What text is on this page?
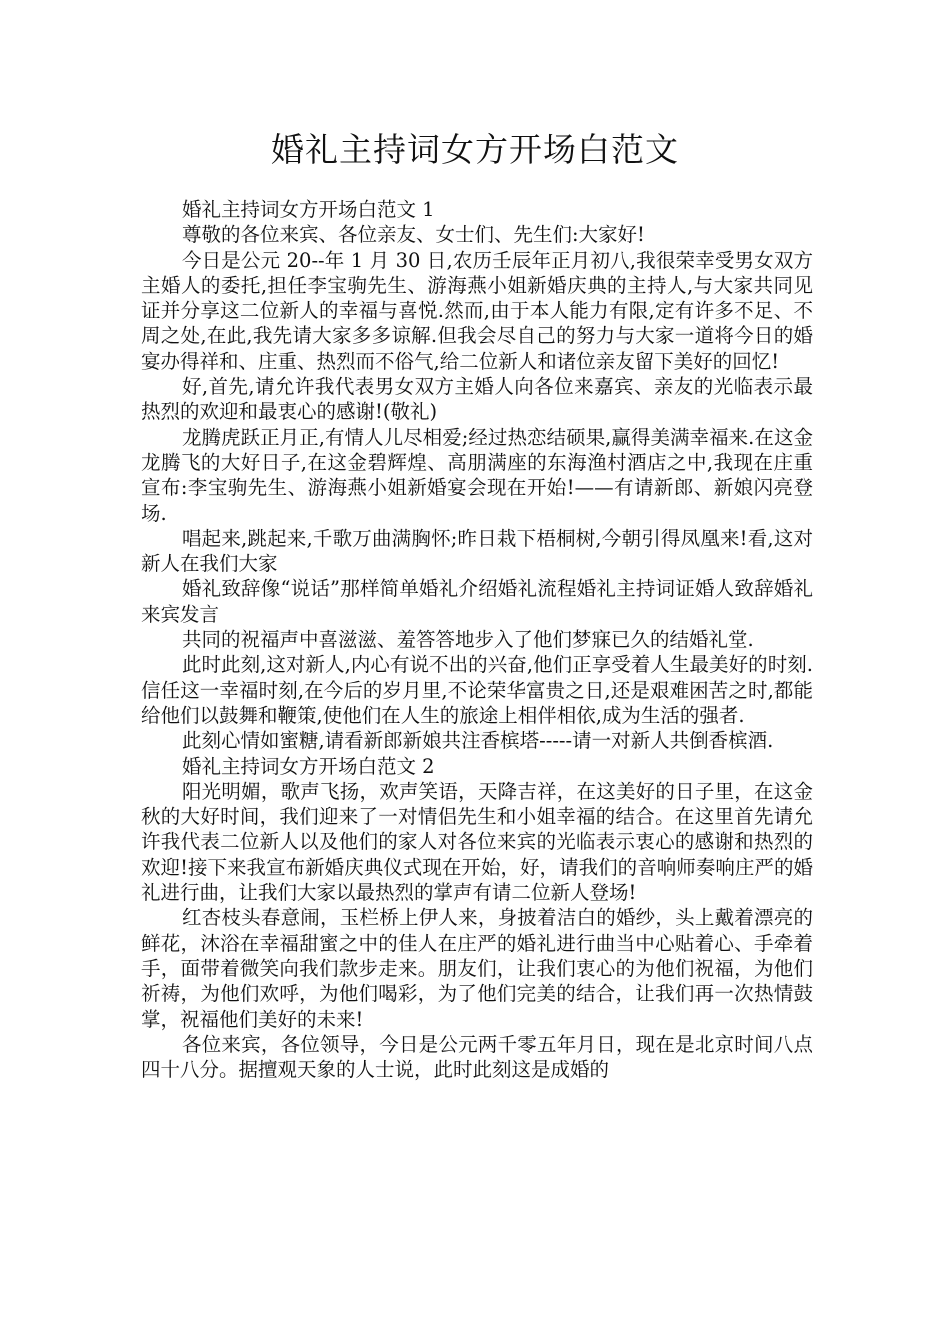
婚礼主持词女方开场白范文

婚礼主持词女方开场白范文 1

尊敬的各位来宾、各位亲友、女士们、先生们:大家好!

今日是公元 20--年 1 月 30 日,农历壬辰年正月初八,我很荣幸受男女双方主婚人的委托,担任李宝驹先生、游海燕小姐新婚庆典的主持人,与大家共同见证并分享这二位新人的幸福与喜悦.然而,由于本人能力有限,定有许多不足、不周之处,在此,我先请大家多多谅解.但我会尽自己的努力与大家一道将今日的婚宴办得祥和、庄重、热烈而不俗气,给二位新人和诸位亲友留下美好的回忆!

好,首先,请允许我代表男女双方主婚人向各位来嘉宾、亲友的光临表示最热烈的欢迎和最衷心的感谢!(敬礼)

龙腾虎跃正月正,有情人儿尽相爱;经过热恋结硕果,赢得美满幸福来.在这金龙腾飞的大好日子,在这金碧辉煌、高朋满座的东海渔村酒店之中,我现在庄重宣布:李宝驹先生、游海燕小姐新婚宴会现在开始!——有请新郎、新娘闪亮登场.

唱起来,跳起来,千歌万曲满胸怀;昨日栽下梧桐树,今朝引得凤凰来!看,这对新人在我们大家

婚礼致辞像“说话”那样简单婚礼介绍婚礼流程婚礼主持词证婚人致辞婚礼来宾发言

共同的祝福声中喜滋滋、羞答答地步入了他们梦寐已久的结婚礼堂.

此时此刻,这对新人,内心有说不出的兴奋,他们正享受着人生最美好的时刻.信任这一幸福时刻,在今后的岁月里,不论荣华富贵之日,还是艰难困苦之时,都能给他们以鼓舞和鞭策,使他们在人生的旅途上相伴相依,成为生活的强者.

此刻心情如蜜糖,请看新郎新娘共注香槟塔-----请一对新人共倒香槟酒.

婚礼主持词女方开场白范文 2

阳光明媚，歌声飞扬，欢声笑语，天降吉祥，在这美好的日子里，在这金秋的大好时间，我们迎来了一对情侣先生和小姐幸福的结合。在这里首先请允许我代表二位新人以及他们的家人对各位来宾的光临表示衷心的感谢和热烈的欢迎!接下来我宣布新婚庆典仪式现在开始，好，请我们的音响师奏响庄严的婚礼进行曲，让我们大家以最热烈的掌声有请二位新人登场!

红杏枝头春意闹，玉栏桥上伊人来，身披着洁白的婚纱，头上戴着漂亮的鲜花，沐浴在幸福甜蜜之中的佳人在庄严的婚礼进行曲当中心贴着心、手牵着手，面带着微笑向我们款步走来。朋友们，让我们衷心的为他们祝福，为他们祈祷，为他们欢呼，为他们喝彩，为了他们完美的结合，让我们再一次热情鼓掌，祝福他们美好的未来!

各位来宾，各位领导，今日是公元两千零五年月日，现在是北京时间八点四十八分。据擅观天象的人士说，此时此刻这是成婚的
